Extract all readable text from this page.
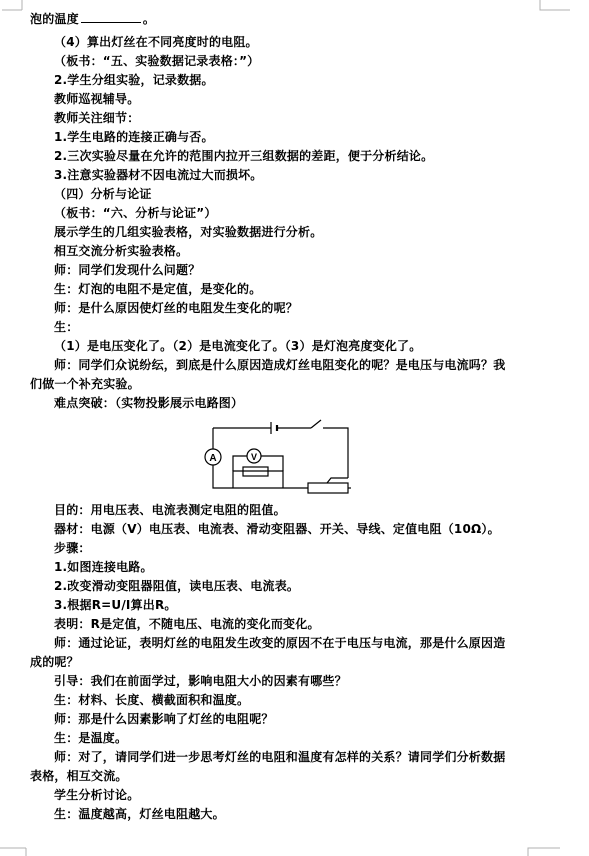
泡的温度	。
（4）算出灯丝在不同亮度时的电阻。
（板书：“五、实验数据记录表格：”）
2.学生分组实验，记录数据。
教师巡视辅导。
教师关注细节：
1.学生电路的连接正确与否。
2.三次实验尽量在允许的范围内拉开三组数据的差距，便于分析结论。
3.注意实验器材不因电流过大而损坏。
（四）分析与论证
（板书：“六、分析与论证”）
展示学生的几组实验表格，对实验数据进行分析。
相互交流分析实验表格。
师：同学们发现什么问题？
生：灯泡的电阻不是定值，是变化的。
师：是什么原因使灯丝的电阻发生变化的呢？
生：
（1）是电压变化了。（2）是电流变化了。（3）是灯泡亮度变化了。
师：同学们众说纷纭，到底是什么原因造成灯丝电阻变化的呢？是电压与电流吗？我
们做一个补充实验。
难点突破：（实物投影展示电路图）
A	V
目的：用电压表、电流表测定电阻的阻值。
器材：电源（V）电压表、电流表、滑动变阻器、开关、导线、定值电阻（10Ω）。
步骤：
1.如图连接电路。
2.改变滑动变阻器阻值，读电压表、电流表。
3.根据R=U/I算出R。
表明：R是定值，不随电压、电流的变化而变化。
师：通过论证，表明灯丝的电阻发生改变的原因不在于电压与电流，那是什么原因造
成的呢？
引导：我们在前面学过，影响电阻大小的因素有哪些？
生：材料、长度、横截面积和温度。
师：那是什么因素影响了灯丝的电阻呢？
生：是温度。
师：对了，请同学们进一步思考灯丝的电阻和温度有怎样的关系？请同学们分析数据
表格，相互交流。
学生分析讨论。
生：温度越高，灯丝电阻越大。
